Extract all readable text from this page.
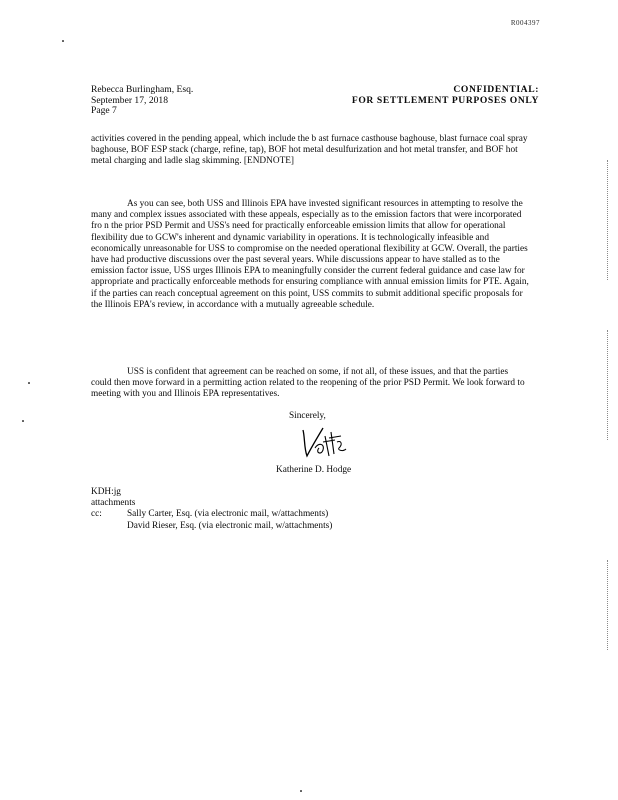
R004397
Rebecca Burlingham, Esq.
September 17, 2018
Page 7
CONFIDENTIAL:
FOR SETTLEMENT PURPOSES ONLY

activities covered in the pending appeal, which include the b ast furnace casthouse baghouse, blast furnace coal spray baghouse, BOF ESP stack (charge, refine, tap), BOF hot metal desulfurization and hot metal transfer, and BOF hot metal charging and ladle slag skimming. [ENDNOTE]

As you can see, both USS and Illinois EPA have invested significant resources in attempting to resolve the many and complex issues associated with these appeals, especially as to the emission factors that were incorporated fro n the prior PSD Permit and USS's need for practically enforceable emission limits that allow for operational flexibility due to GCW's inherent and dynamic variability in operations. It is technologically infeasible and economically unreasonable for USS to compromise on the needed operational flexibility at GCW. Overall, the parties have had productive discussions over the past several years. While discussions appear to have stalled as to the emission factor issue, USS urges Illinois EPA to meaningfully consider the current federal guidance and case law for appropriate and practically enforceable methods for ensuring compliance with annual emission limits for PTE. Again, if the parties can reach conceptual agreement on this point, USS commits to submit additional specific proposals for the Illinois EPA's review, in accordance with a mutually agreeable schedule.

USS is confident that agreement can be reached on some, if not all, of these issues, and that the parties could then move forward in a permitting action related to the reopening of the prior PSD Permit. We look forward to meeting with you and Illinois EPA representatives.

Sincerely,
Katherine D. Hodge
KDH:jg
attachments
cc:	Sally Carter, Esq. (via electronic mail, w/attachments)
David Rieser, Esq. (via electronic mail, w/attachments)
